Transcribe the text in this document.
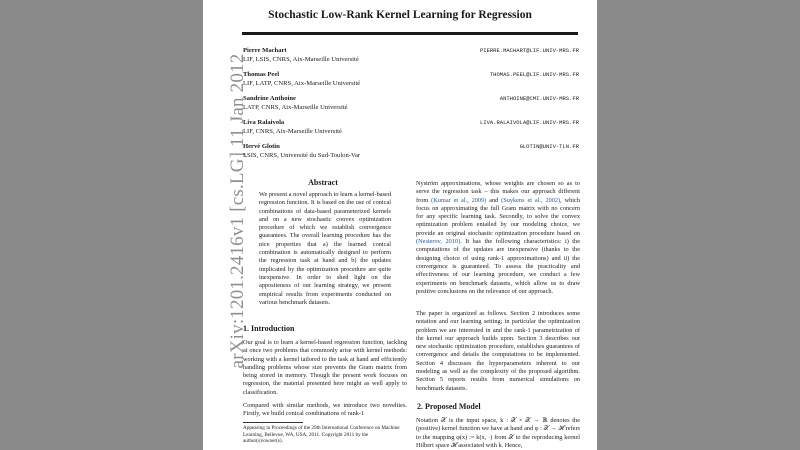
arXiv:1201.2416v1 [cs.LG] 11 Jan 2012
Stochastic Low-Rank Kernel Learning for Regression
Pierre Machart
LIF, LSIS, CNRS, Aix-Marseille Université
PIERRE.MACHART@LIF.UNIV-MRS.FR
Thomas Peel
LIF, LATP, CNRS, Aix-Marseille Université
THOMAS.PEEL@LIF.UNIV-MRS.FR
Sandrine Anthoine
LATP, CNRS, Aix-Marseille Université
ANTHOINE@CMI.UNIV-MRS.FR
Liva Ralaivola
LIF, CNRS, Aix-Marseille Université
LIVA.RALAIVOLA@LIF.UNIV-MRS.FR
Hervé Glotin
LSIS, CNRS, Université du Sud-Toulon-Var
GLOTIN@UNIV-TLN.FR
Abstract
We present a novel approach to learn a kernel-based regression function. It is based on the use of conical combinations of data-based parameterized kernels and on a new stochastic convex optimization procedure of which we establish convergence guarantees. The overall learning procedure has the nice properties that a) the learned conical combination is automatically designed to perform the regression task at hand and b) the updates implicated by the optimization procedure are quite inexpensive. In order to shed light on the appositeness of our learning strategy, we present empirical results from experiments conducted on various benchmark datasets.
1. Introduction
Our goal is to learn a kernel-based regression function, tackling at once two problems that commonly arise with kernel methods: working with a kernel tailored to the task at hand and efficiently handling problems whose size prevents the Gram matrix from being stored in memory. Though the present work focuses on regression, the material presented here might as well apply to classification.
Compared with similar methods, we introduce two novelties. Firstly, we build conical combinations of rank-1
Appearing in Proceedings of the 29th International Conference on Machine Learning, Bellevue, WA, USA, 2011. Copyright 2011 by the author(s)/owner(s).
Nyström approximations, whose weights are chosen so as to serve the regression task – this makes our approach different from (Kumar et al., 2009) and (Suykens et al., 2002), which focus on approximating the full Gram matrix with no concern for any specific learning task. Secondly, to solve the convex optimization problem entailed by our modeling choice, we provide an original stochastic optimization procedure based on (Nesterov, 2010). It has the following characteristics: i) the computations of the updates are inexpensive (thanks to the designing choice of using rank-1 approximations) and ii) the convergence is guaranteed. To assess the practicality and effectiveness of our learning procedure, we conduct a few experiments on benchmark datasets, which allow us to draw positive conclusions on the relevance of our approach.
The paper is organized as follows. Section 2 introduces some notation and our learning setting; in particular the optimization problem we are interested in and the rank-1 parametrization of the kernel our approach builds upon. Section 3 describes our new stochastic optimization procedure, establishes guarantees of convergence and details the computations to be implemented. Section 4 discusses the hyperparameters inherent to our modeling as well as the complexity of the proposed algorithm. Section 5 reports results from numerical simulations on benchmark datasets.
2. Proposed Model
Notation 𝒳 is the input space, k : 𝒳 × 𝒳 → ℝ denotes the (positive) kernel function we have at hand and φ : 𝒳 → ℋ refers to the mapping φ(x) := k(x, ·) from 𝒳 to the reproducing kernel Hilbert space ℋ associated with k. Hence,
